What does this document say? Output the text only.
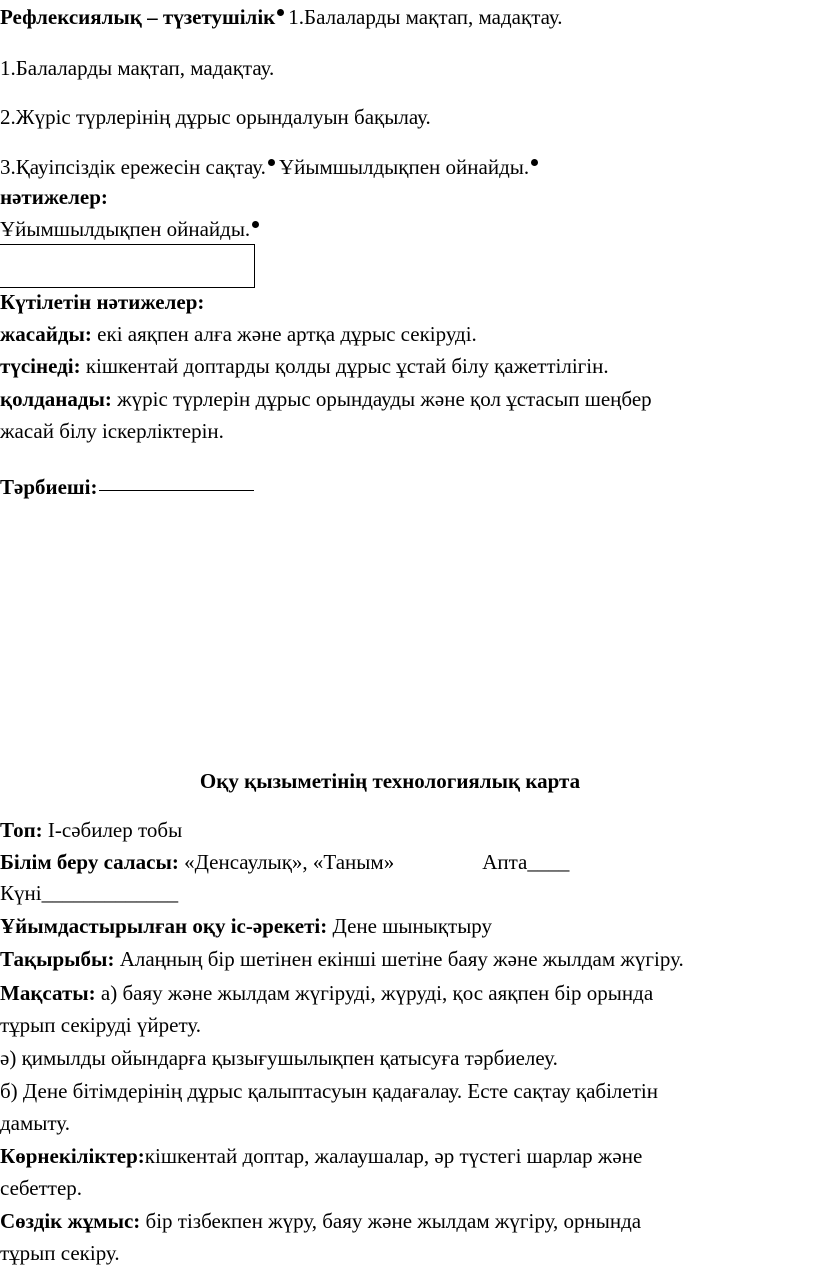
Рефлексиялық – түзетушілік 1.Балаларды мақтап, мадақтау.
1.Балаларды мақтап, мадақтау.
2.Жүріс түрлерінің дұрыс орындалуын бақылау.
3.Қауіпсіздік ережесін сақтау. Ұйымшылдықпен ойнайды.
нәтижелер:
Ұйымшылдықпен ойнайды.
Күтілетін нәтижелер:
жасайды: екі аяқпен алға және артқа дұрыс секіруді.
түсінеді: кішкентай доптарды қолды дұрыс ұстай білу қажеттілігін.
қолданады: жүріс түрлерін дұрыс орындауды және қол ұстасып шеңбер
жасай білу іскерліктерін.
Тәрбиеші:
Оқу қызыметінің технологиялық карта
Топ: І-сәбилер тобы
Білім беру саласы: «Денсаулық», «Таным»	Апта____
Күні_____________
Ұйымдастырылған оқу іс-әрекеті: Дене шынықтыру
Тақырыбы: Алаңның бір шетінен екінші шетіне баяу және жылдам жүгіру.
Мақсаты: а) баяу және жылдам жүгіруді, жүруді, қос аяқпен бір орында
тұрып секіруді үйрету.
ә) қимылды ойындарға қызығушылықпен қатысуға тәрбиелеу.
б) Дене бітімдерінің дұрыс қалыптасуын қадағалау. Есте сақтау қабілетін
дамыту.
Көрнекіліктер:кішкентай доптар, жалаушалар, әр түстегі шарлар және
себеттер.
Сөздік жұмыс: бір тізбекпен жүру, баяу және жылдам жүгіру, орнында
тұрып секіру.
